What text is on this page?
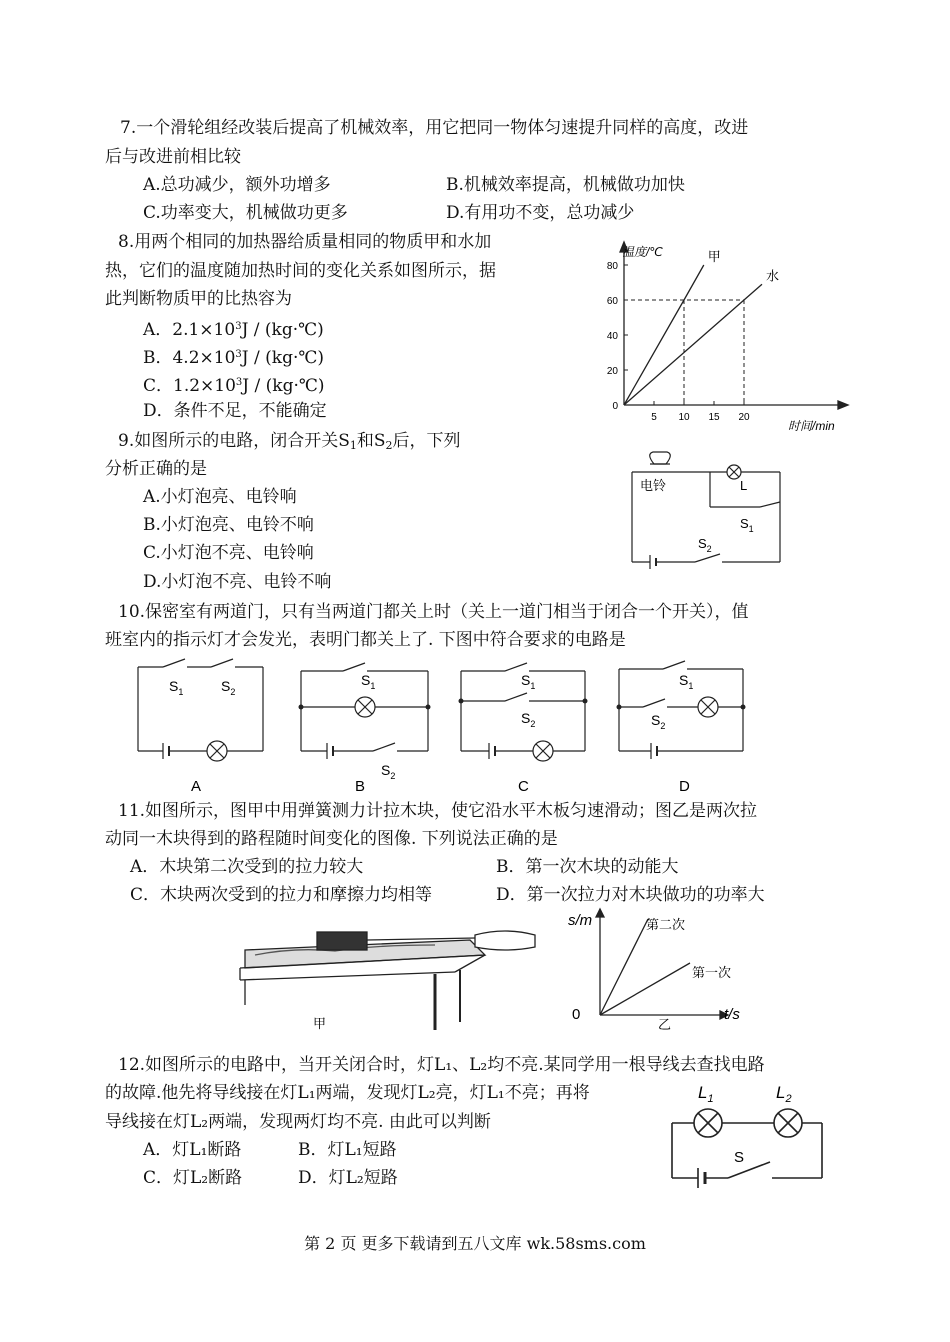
7.一个滑轮组经改装后提高了机械效率，用它把同一物体匀速提升同样的高度，改进
后与改进前相比较
A.总功减少，额外功增多	B.机械效率提高，机械做功加快
C.功率变大，机械做功更多	D.有用功不变，总功减少
8.用两个相同的加热器给质量相同的物质甲和水加
热，它们的温度随加热时间的变化关系如图所示，据
此判断物质甲的比热容为
A．$2.1\times 10^3J$ / (kg·℃)
B．$4.2\times 10^3J$ / (kg·℃)
C．$1.2\times 10^3J$ / (kg·℃)
D．条件不足，不能确定
温度/℃
时间/min
甲
水
0
20
40
60
80
5 10 15 20
9.如图所示的电路，闭合开关$S_1$和$S_2$后，下列
分析正确的是
A.小灯泡亮、电铃响
B.小灯泡亮、电铃不响
C.小灯泡不亮、电铃响
D.小灯泡不亮、电铃不响
电铃	L
$S_1$
$S_2$
10.保密室有两道门，只有当两道门都关上时（关上一道门相当于闭合一个开关），值
班室内的指示灯才会发光，表明门都关上了. 下图中符合要求的电路是
$S_1$	$S_2$
$S_1$
$S_2$
$S_1$
$S_2$
$S_1$
$S_2$
A	B	C	D
11.如图所示，图甲中用弹簧测力计拉木块，使它沿水平木板匀速滑动；图乙是两次拉
动同一木块得到的路程随时间变化的图像. 下列说法正确的是
A．木块第二次受到的拉力较大	B．第一次木块的动能大
C．木块两次受到的拉力和摩擦力均相等	D．第一次拉力对木块做功的功率大
甲
s/m
t/s
0
第二次
第一次
乙
12.如图所示的电路中，当开关闭合时，灯L₁、L₂均不亮.某同学用一根导线去查找电路
的故障.他先将导线接在灯L₁两端，发现灯L₂亮，灯L₁不亮；再将
导线接在灯L₂两端，发现两灯均不亮. 由此可以判断
A．灯L₁断路	B．灯L₁短路
C．灯L₂断路	D．灯L₂短路
$L_1$	$L_2$
S
第 2 页 更多下载请到五八文库 wk.58sms.com
